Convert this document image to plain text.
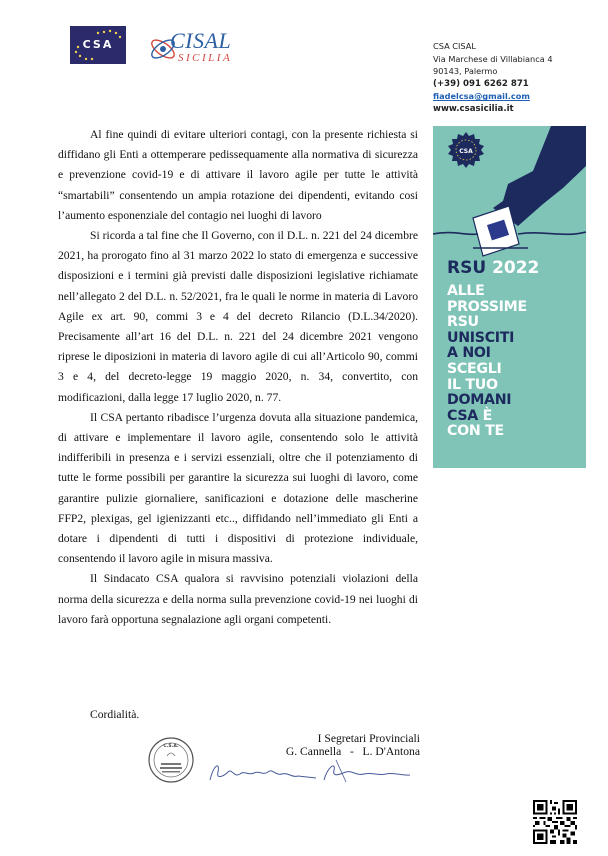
CSA	CISAL
SICILIA
CSA CISAL
Via Marchese di Villabianca 4
90143, Palermo
(+39) 091 6262 871
fiadelcsa@gmail.com
www.csasicilia.it
CSA
RSU 2022
ALLE
PROSSIME
RSU
UNISCITI
A NOI
SCEGLI
IL TUO
DOMANI
CSA È
CON TE

Al fine quindi di evitare ulteriori contagi, con la presente richiesta si diffidano gli Enti a ottemperare pedissequamente alla normativa di sicurezza e prevenzione covid-19 e di attivare il lavoro agile per tutte le attività “smartabili” consentendo un ampia rotazione dei dipendenti, evitando cosi l’aumento esponenziale del contagio nei luoghi di lavoro

Si ricorda a tal fine che Il Governo, con il D.L. n. 221 del 24 dicembre 2021, ha prorogato fino al 31 marzo 2022 lo stato di emergenza e successive disposizioni e i termini già previsti dalle disposizioni legislative richiamate nell’allegato 2 del D.L. n. 52/2021, fra le quali le norme in materia di Lavoro Agile ex art. 90, commi 3 e 4 del decreto Rilancio (D.L.34/2020). Precisamente all’art 16 del D.L. n. 221 del 24 dicembre 2021 vengono riprese le diposizioni in materia di lavoro agile di cui all’Articolo 90, commi 3 e 4, del decreto-legge 19 maggio 2020, n. 34, convertito, con modificazioni, dalla legge 17 luglio 2020, n. 77.

Il CSA pertanto ribadisce l’urgenza dovuta alla situazione pandemica, di attivare e implementare il lavoro agile, consentendo solo le attività indifferibili in presenza e i servizi essenziali, oltre che il potenziamento di tutte le forme possibili per garantire la sicurezza sui luoghi di lavoro, come garantire pulizie giornaliere, sanificazioni e dotazione delle mascherine FFP2, plexigas, gel igienizzanti etc.., diffidando nell’immediato gli Enti a dotare i dipendenti di tutti i dispositivi di protezione individuale, consentendo il lavoro agile in misura massiva.

Il Sindacato CSA qualora si ravvisino potenziali violazioni della norma della sicurezza e della norma sulla prevenzione covid-19 nei luoghi di lavoro farà opportuna segnalazione agli organi competenti.

Cordialità.
I Segretari Provinciali
G. Cannella   -   L. D'Antona
C.S.A.
